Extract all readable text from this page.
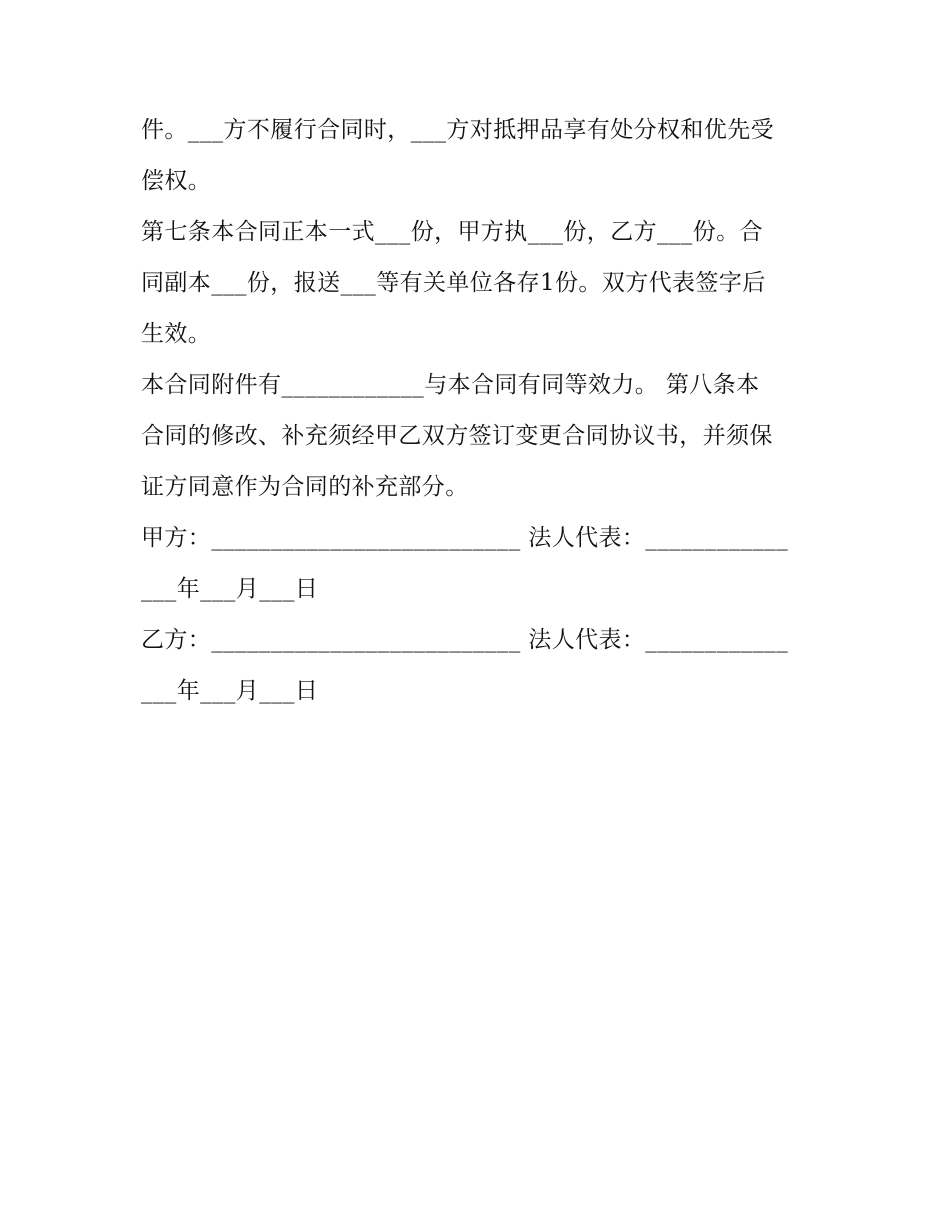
件。___方不履行合同时，___方对抵押品享有处分权和优先受
偿权。
第七条本合同正本一式___份，甲方执___份，乙方___份。合
同副本___份，报送___等有关单位各存1份。双方代表签字后
生效。
本合同附件有____________与本合同有同等效力。 第八条本
合同的修改、补充须经甲乙双方签订变更合同协议书，并须保
证方同意作为合同的补充部分。
甲方：__________________________ 法人代表：____________
___年___月___日
乙方：__________________________ 法人代表：____________
___年___月___日
